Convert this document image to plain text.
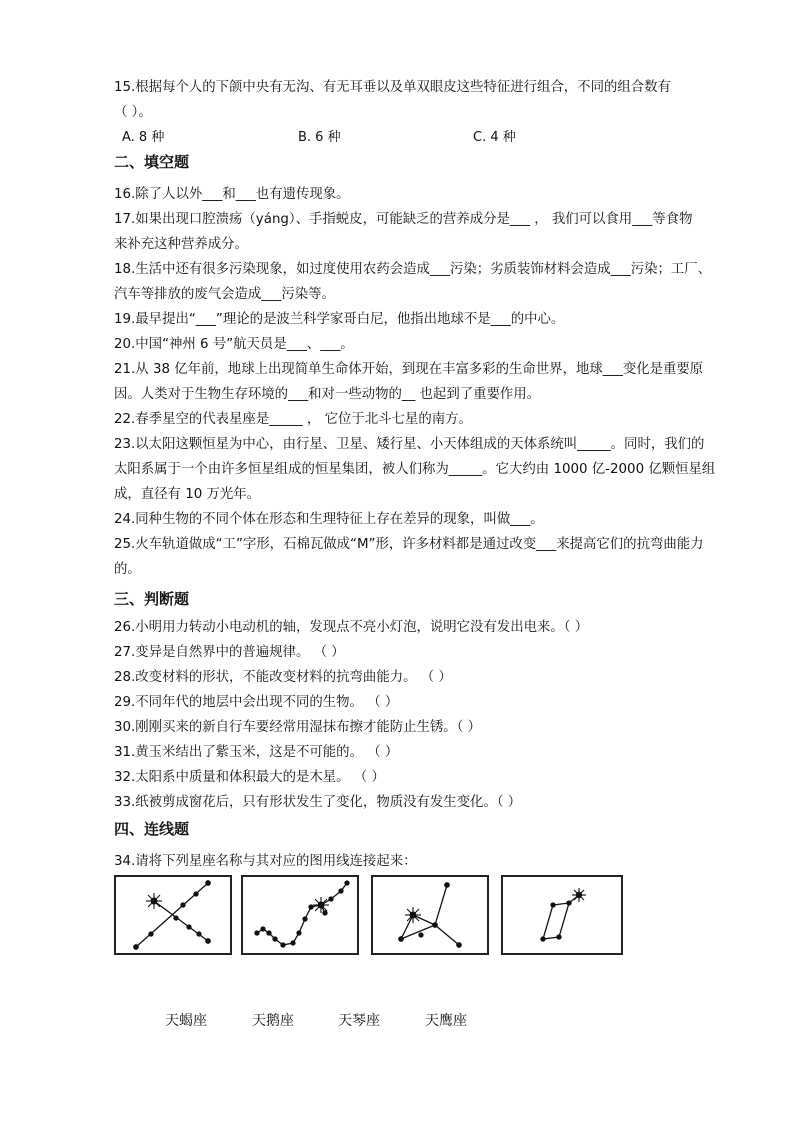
15.根据每个人的下颌中央有无沟、有无耳垂以及单双眼皮这些特征进行组合，不同的组合数有
（ ）。
A. 8 种	B. 6 种	C. 4 种
二、填空题
16.除了人以外___和___也有遗传现象。
17.如果出现口腔溃疡（yáng）、手指蜕皮，可能缺乏的营养成分是___ ， 我们可以食用___等食物
来补充这种营养成分。
18.生活中还有很多污染现象，如过度使用农药会造成___污染；劣质装饰材料会造成___污染；工厂、
汽车等排放的废气会造成___污染等。
19.最早提出“___”理论的是波兰科学家哥白尼，他指出地球不是___的中心。
20.中国“神州 6 号”航天员是___、___。
21.从 38 亿年前，地球上出现简单生命体开始，到现在丰富多彩的生命世界，地球___变化是重要原
因。人类对于生物生存环境的___和对一些动物的__ 也起到了重要作用。
22.春季星空的代表星座是_____ ， 它位于北斗七星的南方。
23.以太阳这颗恒星为中心，由行星、卫星、矮行星、小天体组成的天体系统叫_____。同时，我们的
太阳系属于一个由许多恒星组成的恒星集团，被人们称为_____。它大约由 1000 亿-2000 亿颗恒星组
成，直径有 10 万光年。
24.同种生物的不同个体在形态和生理特征上存在差异的现象，叫做___。
25.火车轨道做成“工”字形，石棉瓦做成“M”形，许多材料都是通过改变___来提高它们的抗弯曲能力
的。
三、判断题
26.小明用力转动小电动机的轴，发现点不亮小灯泡，说明它没有发出电来。（ ）
27.变异是自然界中的普遍规律。 （ ）
28.改变材料的形状，不能改变材料的抗弯曲能力。 （ ）
29.不同年代的地层中会出现不同的生物。 （ ）
30.刚刚买来的新自行车要经常用湿抹布擦才能防止生锈。（ ）
31.黄玉米结出了紫玉米，这是不可能的。 （ ）
32.太阳系中质量和体积最大的是木星。 （ ）
33.纸被剪成窗花后，只有形状发生了变化，物质没有发生变化。（ ）
四、连线题
34.请将下列星座名称与其对应的图用线连接起来：
天蝎座	天鹅座	天琴座	天鹰座
